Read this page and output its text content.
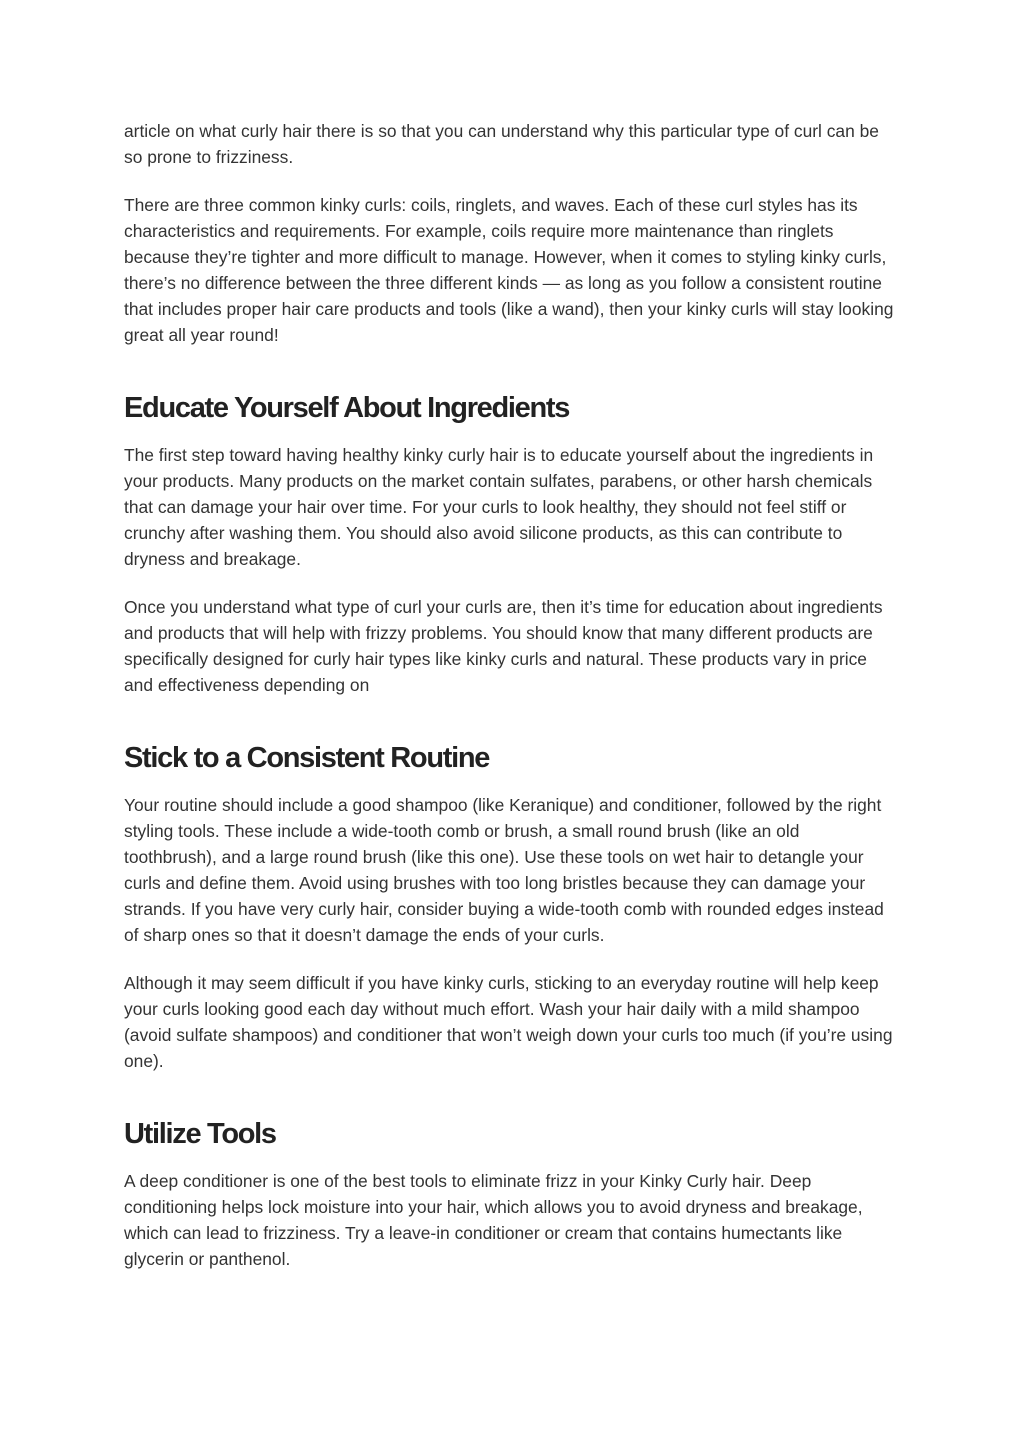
article on what curly hair there is so that you can understand why this particular type of curl can be so prone to frizziness.

There are three common kinky curls: coils, ringlets, and waves. Each of these curl styles has its characteristics and requirements. For example, coils require more maintenance than ringlets because they’re tighter and more difficult to manage. However, when it comes to styling kinky curls, there’s no difference between the three different kinds — as long as you follow a consistent routine that includes proper hair care products and tools (like a wand), then your kinky curls will stay looking great all year round!

Educate Yourself About Ingredients

The first step toward having healthy kinky curly hair is to educate yourself about the ingredients in your products. Many products on the market contain sulfates, parabens, or other harsh chemicals that can damage your hair over time. For your curls to look healthy, they should not feel stiff or crunchy after washing them. You should also avoid silicone products, as this can contribute to dryness and breakage.

Once you understand what type of curl your curls are, then it’s time for education about ingredients and products that will help with frizzy problems. You should know that many different products are specifically designed for curly hair types like kinky curls and natural. These products vary in price and effectiveness depending on

Stick to a Consistent Routine

Your routine should include a good shampoo (like Keranique) and conditioner, followed by the right styling tools. These include a wide-tooth comb or brush, a small round brush (like an old toothbrush), and a large round brush (like this one). Use these tools on wet hair to detangle your curls and define them. Avoid using brushes with too long bristles because they can damage your strands. If you have very curly hair, consider buying a wide-tooth comb with rounded edges instead of sharp ones so that it doesn’t damage the ends of your curls.

Although it may seem difficult if you have kinky curls, sticking to an everyday routine will help keep your curls looking good each day without much effort. Wash your hair daily with a mild shampoo (avoid sulfate shampoos) and conditioner that won’t weigh down your curls too much (if you’re using one).

Utilize Tools

A deep conditioner is one of the best tools to eliminate frizz in your Kinky Curly hair. Deep conditioning helps lock moisture into your hair, which allows you to avoid dryness and breakage, which can lead to frizziness. Try a leave-in conditioner or cream that contains humectants like glycerin or panthenol.
